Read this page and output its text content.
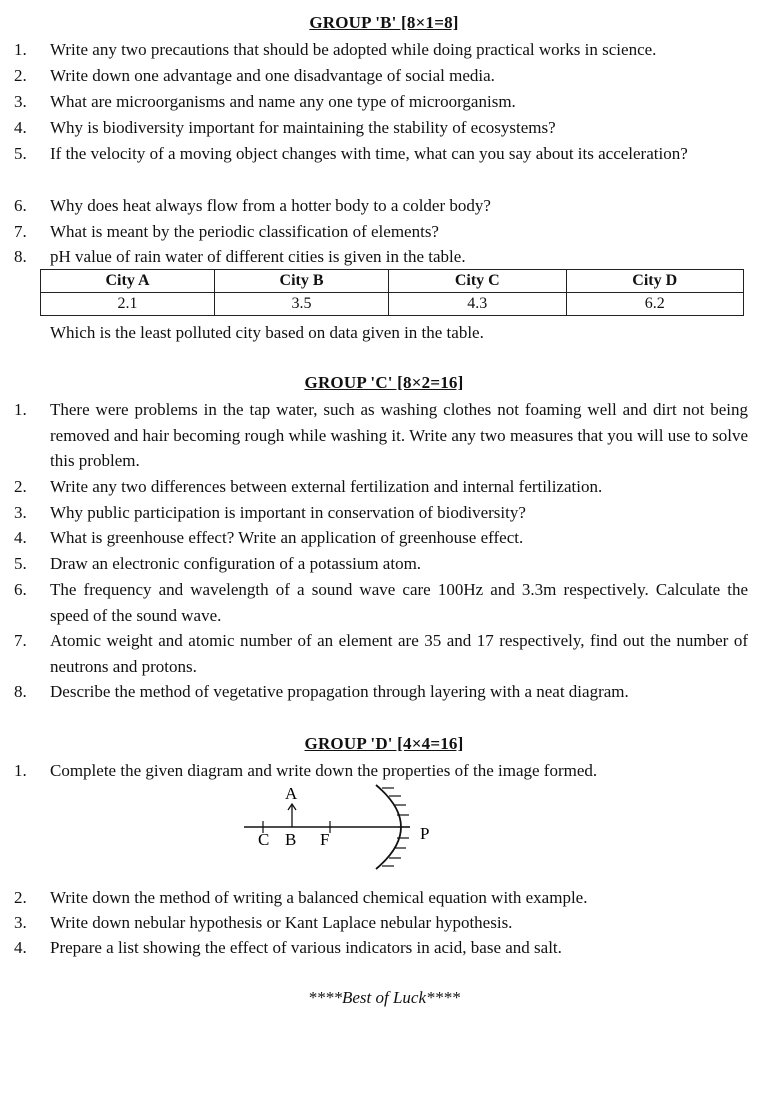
GROUP 'B' [8×1=8]
1.	Write any two precautions that should be adopted while doing practical works in science.
2.	Write down one advantage and one disadvantage of social media.
3.	What are microorganisms and name any one type of microorganism.
4.	Why is biodiversity important for maintaining the stability of ecosystems?
5.	If the velocity of a moving object changes with time, what can you say about its acceleration?
6.	Why does heat always flow from a hotter body to a colder body?
7.	What is meant by the periodic classification of elements?
8.	pH value of rain water of different cities is given in the table.
City A	City B	City C	City D
2.1	3.5	4.3	6.2
Which is the least polluted city based on data given in the table.
GROUP 'C' [8×2=16]
1.	There were problems in the tap water, such as washing clothes not foaming well and dirt not being removed and hair becoming rough while washing it. Write any two measures that you will use to solve this problem.
2.	Write any two differences between external fertilization and internal fertilization.
3.	Why public participation is important in conservation of biodiversity?
4.	What is greenhouse effect? Write an application of greenhouse effect.
5.	Draw an electronic configuration of a potassium atom.
6.	The frequency and wavelength of a sound wave care 100Hz and 3.3m respectively. Calculate the speed of the sound wave.
7.	Atomic weight and atomic number of an element are 35 and 17 respectively, find out the number of neutrons and protons.
8.	Describe the method of vegetative propagation through layering with a neat diagram.
GROUP 'D' [4×4=16]
1.	Complete the given diagram and write down the properties of the image formed.
A
C B F	P
2.	Write down the method of writing a balanced chemical equation with example.
3.	Write down nebular hypothesis or Kant Laplace nebular hypothesis.
4.	Prepare a list showing the effect of various indicators in acid, base and salt.
****Best of Luck****
